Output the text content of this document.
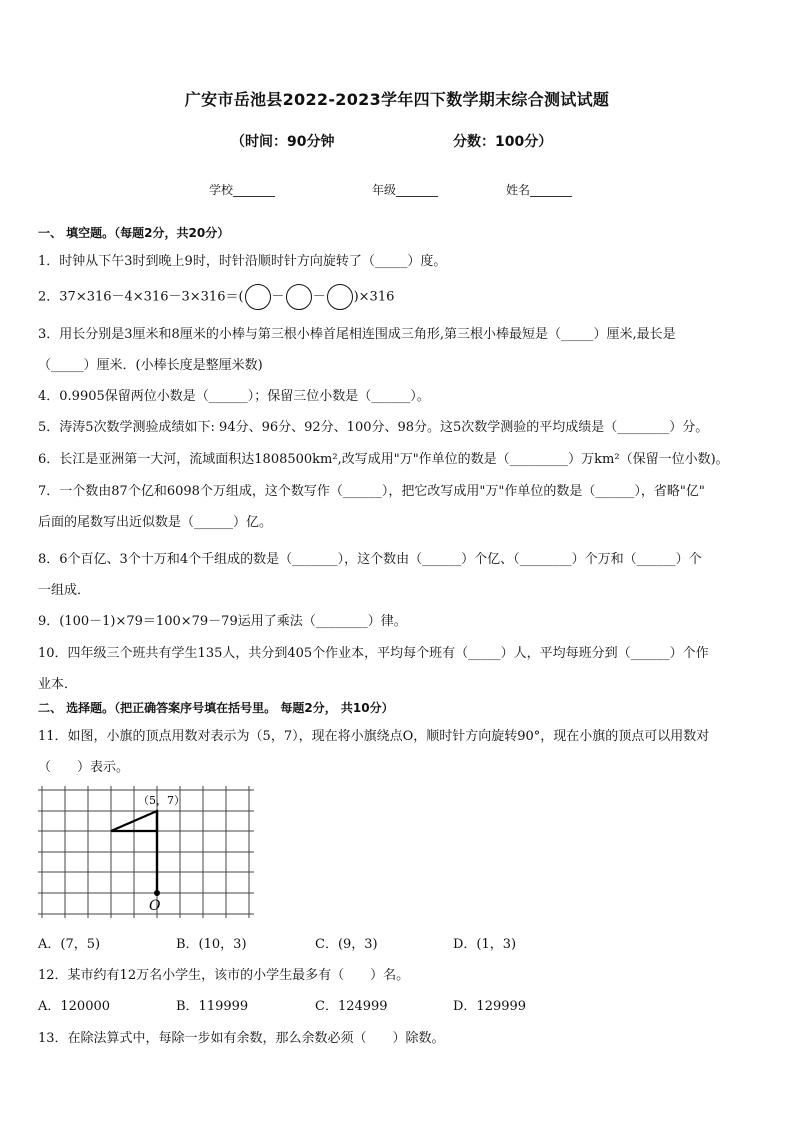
广安市岳池县2022-2023学年四下数学期末综合测试试题
（时间：90分钟	分数：100分）
学校_______	年级_______	姓名_______
一、 填空题。（每题2分，共20分）
1．时钟从下午3时到晚上9时，时针沿顺时针方向旋转了（_____）度。
2．37×316－4×316－3×316＝( － － )×316
3．用长分别是3厘米和8厘米的小棒与第三根小棒首尾相连围成三角形,第三根小棒最短是（_____）厘米,最长是
（_____）厘米．(小棒长度是整厘米数)
4．0.9905保留两位小数是（______）；保留三位小数是（______）。
5．涛涛5次数学测验成绩如下: 94分、96分、92分、100分、98分。这5次数学测验的平均成绩是（________）分。
6．长江是亚洲第一大河，流域面积达1808500km²,改写成用"万"作单位的数是（_________）万km²（保留一位小数)。
7．一个数由87个亿和6098个万组成，这个数写作（______），把它改写成用"万"作单位的数是（______），省略"亿"
后面的尾数写出近似数是（______）亿。
8．6个百亿、3个十万和4个千组成的数是（_______），这个数由（______）个亿、（________）个万和（______）个
一组成．
9．(100－1)×79＝100×79－79运用了乘法（________）律。
10．四年级三个班共有学生135人，共分到405个作业本，平均每个班有（_____）人，平均每班分到（______）个作
业本．
二、 选择题。（把正确答案序号填在括号里。 每题2分， 共10分）
11．如图，小旗的顶点用数对表示为（5，7），现在将小旗绕点O，顺时针方向旋转90°，现在小旗的顶点可以用数对
（　　）表示。
（5，7）
O
A．(7，5)	B．(10，3)	C．(9，3)	D．(1，3)
12．某市约有12万名小学生，该市的小学生最多有（　　）名。
A．120000	B．119999	C．124999	D．129999
13．在除法算式中，每除一步如有余数，那么余数必须（　　）除数。
